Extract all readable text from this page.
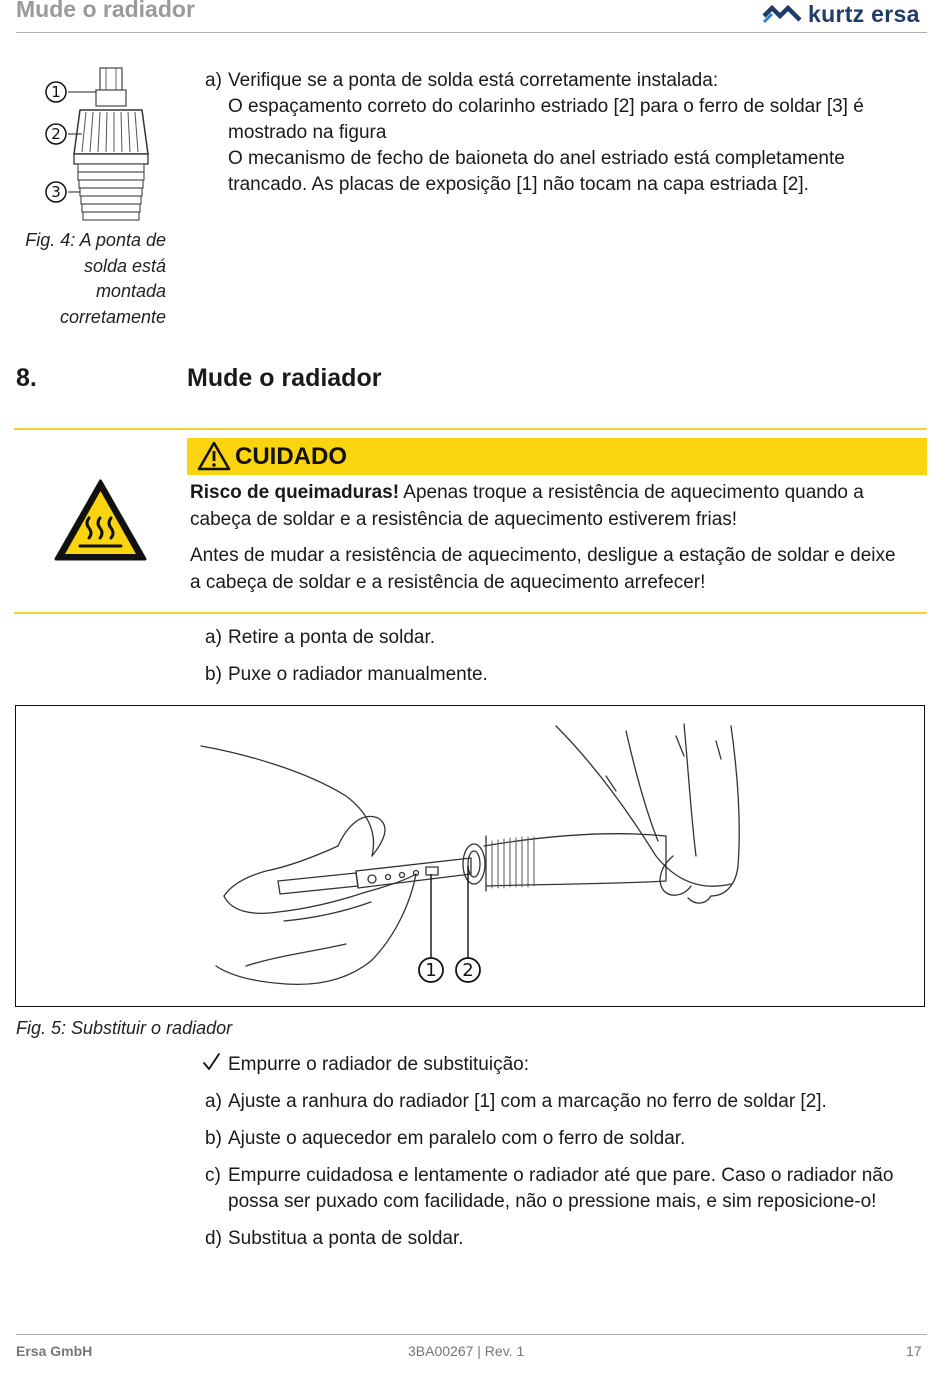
Mude o radiador	kurtz ersa
1
2
3
a) Verifique se a ponta de solda está corretamente instalada:
O espaçamento correto do colarinho estriado [2] para o ferro de soldar [3] é
mostrado na figura
O mecanismo de fecho de baioneta do anel estriado está completamente
trancado. As placas de exposição [1] não tocam na capa estriada [2].
Fig. 4: A ponta de
solda está
montada
corretamente
8.	Mude o radiador
CUIDADO
Risco de queimaduras! Apenas troque a resistência de aquecimento quando a
cabeça de soldar e a resistência de aquecimento estiverem frias!
Antes de mudar a resistência de aquecimento, desligue a estação de soldar e deixe
a cabeça de soldar e a resistência de aquecimento arrefecer!
a) Retire a ponta de soldar.
b) Puxe o radiador manualmente.
1 2
Fig. 5: Substituir o radiador
Empurre o radiador de substituição:
a) Ajuste a ranhura do radiador [1] com a marcação no ferro de soldar [2].
b) Ajuste o aquecedor em paralelo com o ferro de soldar.
c) Empurre cuidadosa e lentamente o radiador até que pare. Caso o radiador não
possa ser puxado com facilidade, não o pressione mais, e sim reposicione-o!
d) Substitua a ponta de soldar.
Ersa GmbH	3BA00267 | Rev. 1	17
